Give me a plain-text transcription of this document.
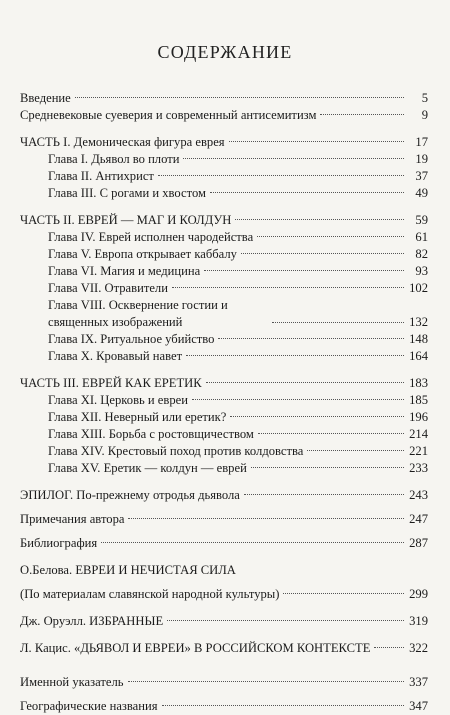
СОДЕРЖАНИЕ
Введение	5
Средневековые суеверия и современный антисемитизм	9
ЧАСТЬ I. Демоническая фигура еврея	17
Глава I. Дьявол во плоти	19
Глава II. Антихрист	37
Глава III. С рогами и хвостом	49
ЧАСТЬ II. ЕВРЕЙ — МАГ И КОЛДУН	59
Глава IV. Еврей исполнен чародейства	61
Глава V. Европа открывает каббалу	82
Глава VI. Магия и медицина	93
Глава VII. Отравители	102
Глава VIII. Осквернение гостии и священных изображений	132
Глава IX. Ритуальное убийство	148
Глава X. Кровавый навет	164
ЧАСТЬ III. ЕВРЕЙ КАК ЕРЕТИК	183
Глава XI. Церковь и евреи	185
Глава XII. Неверный или еретик?	196
Глава XIII. Борьба с ростовщичеством	214
Глава XIV. Крестовый поход против колдовства	221
Глава XV. Еретик — колдун — еврей	233
ЭПИЛОГ. По-прежнему отродья дьявола	243
Примечания автора	247
Библиография	287
О.Белова. ЕВРЕИ И НЕЧИСТАЯ СИЛА
(По материалам славянской народной культуры)	299
Дж. Оруэлл. ИЗБРАННЫЕ	319
Л. Кацис. «ДЬЯВОЛ И ЕВРЕИ» В РОССИЙСКОМ КОНТЕКСТЕ	322
Именной указатель	337
Географические названия	347
